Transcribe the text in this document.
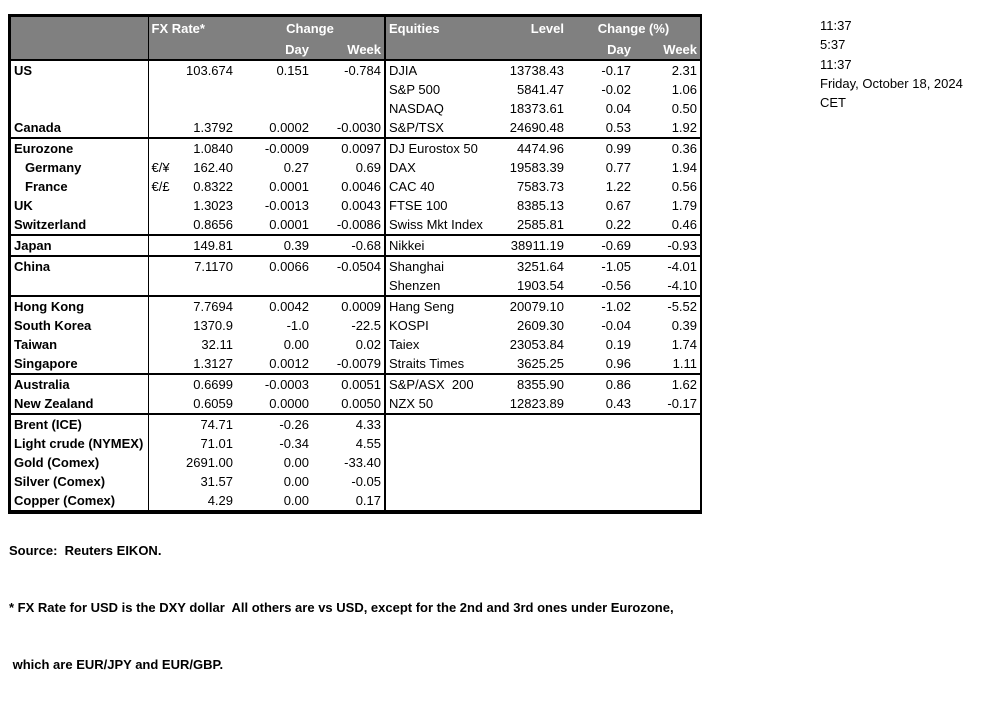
	FX Rate*		Change		Equities	Level	Change (%)	
			Day	Week			Day	Week
US		103.674	0.151	-0.784	DJIA	13738.43	-0.17	2.31
					S&P 500	5841.47	-0.02	1.06
					NASDAQ	18373.61	0.04	0.50
Canada		1.3792	0.0002	-0.0030	S&P/TSX	24690.48	0.53	1.92
Eurozone		1.0840	-0.0009	0.0097	DJ Eurostox 50	4474.96	0.99	0.36
Germany	€/¥	162.40	0.27	0.69	DAX	19583.39	0.77	1.94
France	€/£	0.8322	0.0001	0.0046	CAC 40	7583.73	1.22	0.56
UK		1.3023	-0.0013	0.0043	FTSE 100	8385.13	0.67	1.79
Switzerland		0.8656	0.0001	-0.0086	Swiss Mkt Index	2585.81	0.22	0.46
Japan		149.81	0.39	-0.68	Nikkei	38911.19	-0.69	-0.93
China		7.1170	0.0066	-0.0504	Shanghai	3251.64	-1.05	-4.01
					Shenzen	1903.54	-0.56	-4.10
Hong Kong		7.7694	0.0042	0.0009	Hang Seng	20079.10	-1.02	-5.52
South Korea		1370.9	-1.0	-22.5	KOSPI	2609.30	-0.04	0.39
Taiwan		32.11	0.00	0.02	Taiex	23053.84	0.19	1.74
Singapore		1.3127	0.0012	-0.0079	Straits Times	3625.25	0.96	1.11
Australia		0.6699	-0.0003	0.0051	S&P/ASX  200	8355.90	0.86	1.62
New Zealand		0.6059	0.0000	0.0050	NZX 50	12823.89	0.43	-0.17
Brent (ICE)		74.71	-0.26	4.33				
Light crude (NYMEX)		71.01	-0.34	4.55				
Gold (Comex)		2691.00	0.00	-33.40				
Silver (Comex)		31.57	0.00	-0.05				
Copper (Comex)		4.29	0.00	0.17				
11:37
5:37
11:37
Friday, October 18, 2024
CET

Source:  Reuters EIKON.

* FX Rate for USD is the DXY dollar  All others are vs USD, except for the 2nd and 3rd ones under Eurozone,

which are EUR/JPY and EUR/GBP.
